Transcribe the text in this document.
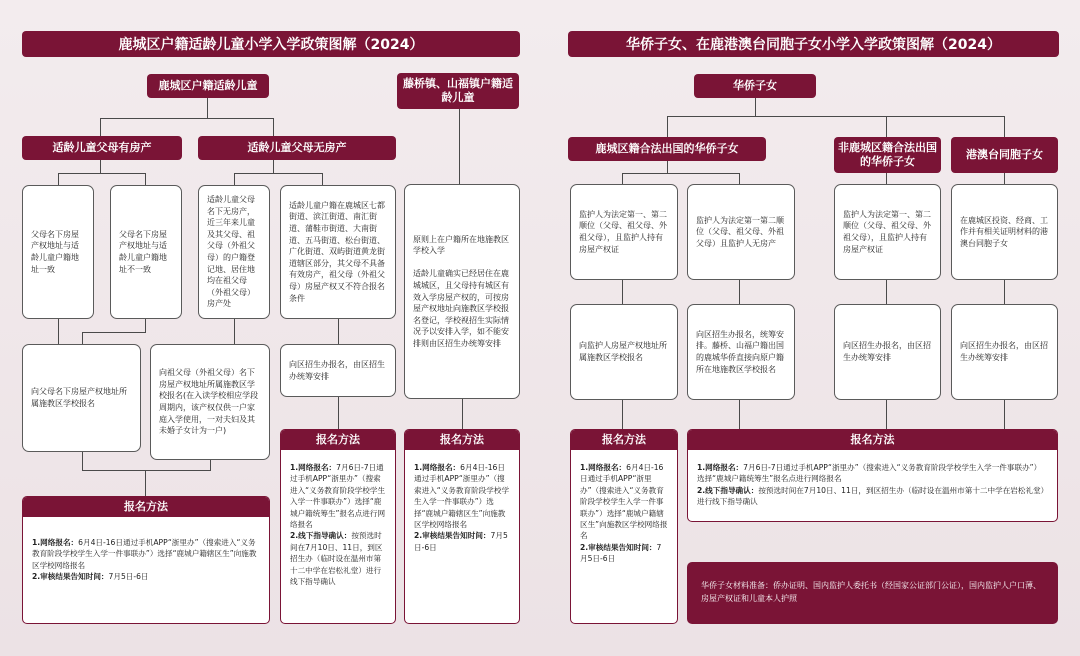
鹿城区户籍适龄儿童小学入学政策图解（2024）
鹿城区户籍适龄儿童	藤桥镇、山福镇户籍适龄儿童
适龄儿童父母有房产	适龄儿童父母无房产
父母名下房屋产权地址与适龄儿童户籍地址一致
父母名下房屋产权地址与适龄儿童户籍地址不一致
适龄儿童父母名下无房产，近三年来儿童及其父母、祖父母（外祖父母）的户籍登记地、居住地均在祖父母（外祖父母）房产处
适龄儿童户籍在鹿城区七都街道、滨江街道、南汇街道、蒲鞋市街道、大南街道、五马街道、松台街道、广化街道、双屿街道黄龙街道辖区部分，其父母不具备有效房产，祖父母（外祖父母）房屋产权又不符合报名条件
原则上在户籍所在地施教区学校入学

适龄儿童确实已经居住在鹿城城区，且父母持有城区有效入学房屋产权的，可按房屋产权地址向施教区学校报名登记，学校视招生实际情况予以安排入学，如不能安排则由区招生办统筹安排
向父母名下房屋产权地址所属施教区学校报名
向祖父母（外祖父母）名下房屋产权地址所属施教区学校报名(在入读学校相应学段周期内，该产权仅供一户家庭入学使用，一对夫妇及其未婚子女计为一户)
向区招生办报名，由区招生办统筹安排
报名方法

1.网络报名：6月4日-16日通过手机APP“浙里办”（搜索进入“义务教育阶段学校学生入学一件事联办”）选择“鹿城户籍辖区生”向施教区学校网络报名

2.审核结果告知时间：7月5日-6日

报名方法

1.网络报名：7月6日-7日通过手机APP“浙里办”（搜索进入“义务教育阶段学校学生入学一件事联办”）选择“鹿城户籍统筹生”报名点进行网络报名

2.线下指导确认：按预选时间在7月10日、11日，到区招生办（临时设在温州市第十二中学在岩松礼堂）进行线下指导确认

报名方法

1.网络报名：6月4日-16日通过手机APP“浙里办”（搜索进入“义务教育阶段学校学生入学一件事联办”）选择“鹿城户籍辖区生”向施教区学校网络报名

2.审核结果告知时间：7月5日-6日

华侨子女、在鹿港澳台同胞子女小学入学政策图解（2024）
华侨子女
鹿城区籍合法出国的华侨子女	非鹿城区籍合法出国的华侨子女
港澳台同胞子女
监护人为法定第一、第二顺位（父母、祖父母、外祖父母），且监护人持有房屋产权证
监护人为法定第一第二顺位（父母、祖父母、外祖父母）且监护人无房产
监护人为法定第一、第二顺位（父母、祖父母、外祖父母），且监护人持有房屋产权证
在鹿城区投资、经商、工作并有相关证明材料的港澳台同胞子女
向监护人房屋产权地址所属施教区学校报名
向区招生办报名，统筹安排。藤桥、山福户籍出国的鹿城华侨直接向原户籍所在地施教区学校报名
向区招生办报名，由区招生办统筹安排
向区招生办报名，由区招生办统筹安排
报名方法

1.网络报名：6月4日-16日通过手机APP“浙里办”（搜索进入“义务教育阶段学校学生入学一件事联办”）选择“鹿城户籍辖区生”向施教区学校网络报名

2.审核结果告知时间：7月5日-6日

报名方法

1.网络报名：7月6日-7日通过手机APP“浙里办”（搜索进入“义务教育阶段学校学生入学一件事联办”）选择“鹿城户籍统筹生”报名点进行网络报名

2.线下指导确认：按预选时间在7月10日、11日，到区招生办（临时设在温州市第十二中学在岩松礼堂）进行线下指导确认

华侨子女材料准备：侨办证明、国内监护人委托书（经国家公证部门公证），国内监护人户口薄、房屋产权证和儿童本人护照
